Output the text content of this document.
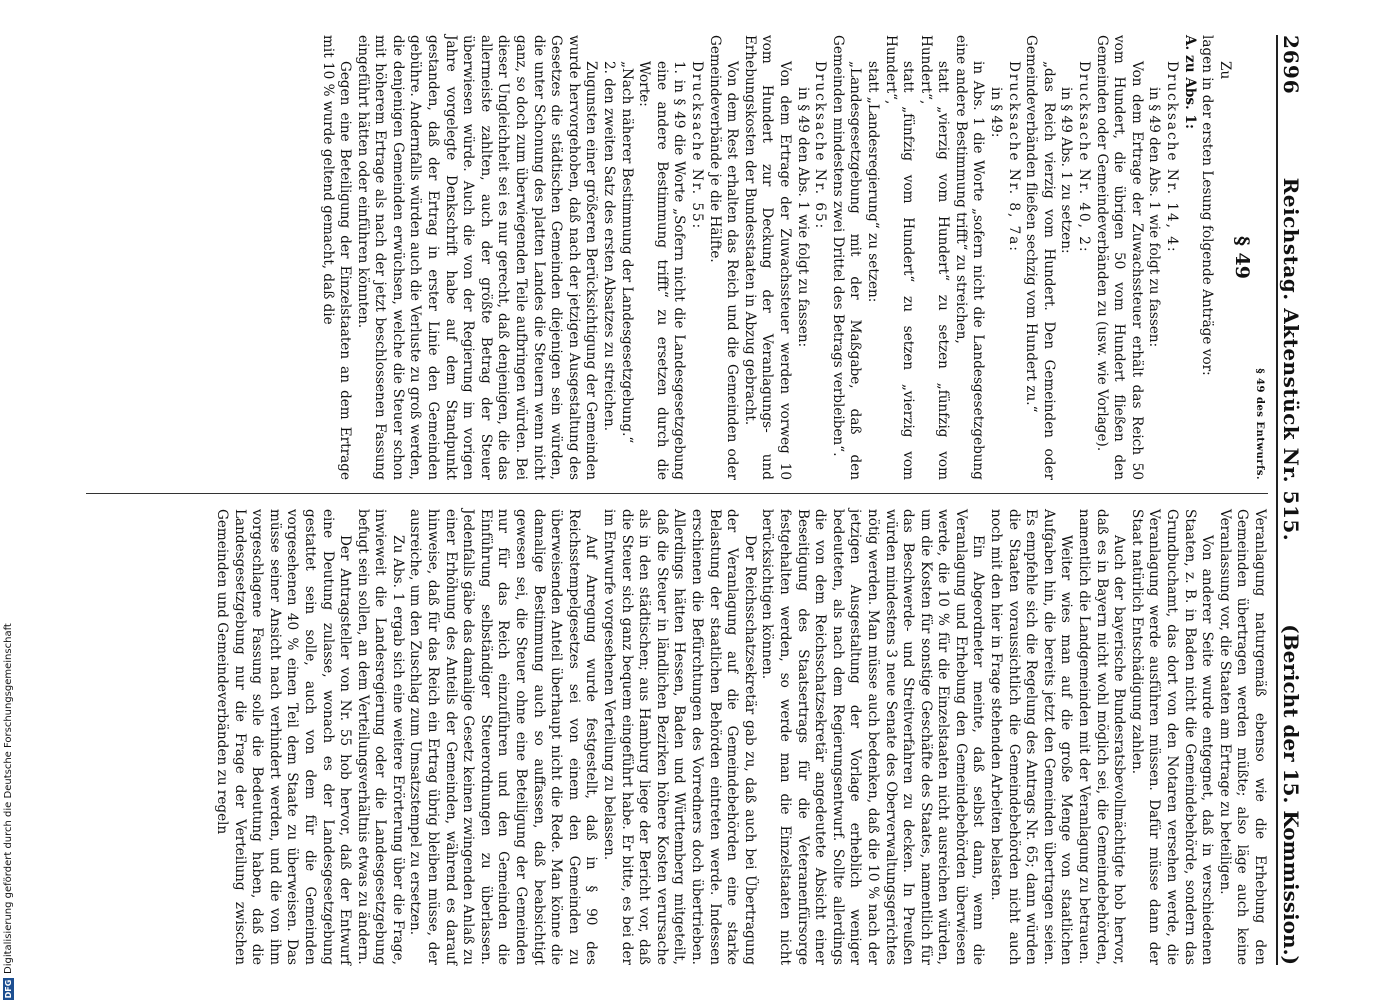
2696
Reichstag. Aktenstück Nr. 515.
(Bericht der 15. Kommission.)

§ 49 des Entwurfs.

§ 49

Zu

lagen in der ersten Lesung folgende Anträge vor:

A. zu Abs. 1:

Drucksache Nr. 14, 4:

in § 49 den Abs. 1 wie folgt zu fassen:

Von dem Ertrage der Zuwachssteuer erhält das Reich 50 vom Hundert, die übrigen 50 vom Hundert fließen den Gemeinden oder Gemeindeverbänden zu (usw. wie Vorlage).

Drucksache Nr. 40, 2:

in § 49 Abs. 1 zu setzen:

„das Reich vierzig vom Hundert. Den Gemeinden oder Gemeindeverbänden fließen sechzig vom Hundert zu.“

Drucksache Nr. 8, 7a:

in § 49:

in Abs. 1 die Worte „sofern nicht die Landesgesetzgebung eine andere Bestimmung trifft“ zu streichen,

statt „vierzig vom Hundert“ zu setzen „fünfzig vom Hundert“,

statt „fünfzig vom Hundert“ zu setzen „vierzig vom Hundert“,

statt „Landesregierung“ zu setzen:

„Landesgesetzgebung mit der Maßgabe, daß den Gemeinden mindestens zwei Drittel des Betrags verbleiben“.

Drucksache Nr. 65:

in § 49 den Abs. 1 wie folgt zu fassen:

Von dem Ertrage der Zuwachssteuer werden vorweg 10 vom Hundert zur Deckung der Veranlagungs- und Erhebungskosten der Bundesstaaten in Abzug gebracht.

Von dem Rest erhalten das Reich und die Gemeinden oder Gemeindeverbände je die Hälfte.

Drucksache Nr. 55:

1. in § 49 die Worte „Sofern nicht die Landesgesetzgebung eine andere Bestimmung trifft“ zu ersetzen durch die Worte:

„Nach näherer Bestimmung der Landesgesetzgebung.“

2. den zweiten Satz des ersten Absatzes zu streichen.

Zugunsten einer größeren Berücksichtigung der Gemeinden wurde hervorgehoben, daß nach der jetzigen Ausgestaltung des Gesetzes die städtischen Gemeinden diejenigen sein würden, die unter Schonung des platten Landes die Steuern wenn nicht ganz, so doch zum überwiegenden Teile aufbringen würden. Bei dieser Ungleichheit sei es nur gerecht, daß denjenigen, die das allermeiste zahlten, auch der größte Betrag der Steuer überwiesen würde. Auch die von der Regierung im vorigen Jahre vorgelegte Denkschrift habe auf dem Standpunkt gestanden, daß der Ertrag in erster Linie den Gemeinden gebühre. Andernfalls würden auch die Verluste zu groß werden, die denjenigen Gemeinden erwüchsen, welche die Steuer schon mit höherem Ertrage als nach der jetzt beschlossenen Fassung eingeführt hätten oder einführen könnten.

Gegen eine Beteiligung der Einzelstaaten an dem Ertrage mit 10 % wurde geltend gemacht, daß die

Veranlagung naturgemäß ebenso wie die Erhebung den Gemeinden übertragen werden müßte; also läge auch keine Veranlassung vor, die Staaten am Ertrage zu beteiligen.

Von anderer Seite wurde entgegnet, daß in verschiedenen Staaten, z. B. in Baden nicht die Gemeindebehörde, sondern das Grundbuchamt, das dort von den Notaren versehen werde, die Veranlagung werde ausführen müssen. Dafür müsse dann der Staat natürlich Entschädigung zahlen.

Auch der bayerische Bundesratsbevollmächtigte hob hervor, daß es in Bayern nicht wohl möglich sei, die Gemeindebehörden, namentlich die Landgemeinden mit der Veranlagung zu betrauen.

Weiter wies man auf die große Menge von staatlichen Aufgaben hin, die bereits jetzt den Gemeinden übertragen seien. Es empfehle sich die Regelung des Antrags Nr. 65; dann würden die Staaten voraussichtlich die Gemeindebehörden nicht auch noch mit den hier in Frage stehenden Arbeiten belasten.

Ein Abgeordneter meinte, daß selbst dann, wenn die Veranlagung und Erhebung den Gemeindebehörden überwiesen werde, die 10 % für die Einzelstaaten nicht ausreichen würden, um die Kosten für sonstige Geschäfte des Staates, namentlich für das Beschwerde- und Streitverfahren zu decken. In Preußen würden mindestens 3 neue Senate des Oberverwaltungsgerichtes nötig werden. Man müsse auch bedenken, daß die 10 % nach der jetzigen Ausgestaltung der Vorlage erheblich weniger bedeuteten, als nach dem Regierungsentwurf. Sollte allerdings die von dem Reichsschatzsekretär angedeutete Absicht einer Beseitigung des Staatsertrags für die Veteranenfürsorge festgehalten werden, so werde man die Einzelstaaten nicht berücksichtigen können.

Der Reichsschatzsekretär gab zu, daß auch bei Übertragung der Veranlagung auf die Gemeindebehörden eine starke Belastung der staatlichen Behörden eintreten werde. Indessen erschienen die Befürchtungen des Vorredners doch übertrieben. Allerdings hätten Hessen, Baden und Württemberg mitgeteilt, daß die Steuer in ländlichen Bezirken höhere Kosten verursache als in den städtischen; aus Hamburg liege der Bericht vor, daß die Steuer sich ganz bequem eingeführt habe. Er bitte, es bei der im Entwurfe vorgesehenen Verteilung zu belassen.

Auf Anregung wurde festgestellt, daß in § 90 des Reichsstempelgesetzes sei von einem den Gemeinden zu überweisenden Anteil überhaupt nicht die Rede. Man könne die damalige Bestimmung auch so auffassen, daß beabsichtigt gewesen sei, die Steuer ohne eine Beteiligung der Gemeinden nur für das Reich einzuführen und den Gemeinden die Einführung selbständiger Steuerordnungen zu überlassen. Jedenfalls gäbe das damalige Gesetz keinen zwingenden Anlaß zu einer Erhöhung des Anteils der Gemeinden, während es darauf hinweise, daß für das Reich ein Ertrag übrig bleiben müsse, der ausreiche, um den Zuschlag zum Umsatzstempel zu ersetzen.

Zu Abs. 1 ergab sich eine weitere Erörterung über die Frage, inwieweit die Landesregierung oder die Landesgesetzgebung befugt sein sollen, an dem Verteilungsverhältnis etwas zu ändern.

Der Antragsteller von Nr. 55 hob hervor, daß der Entwurf eine Deutung zulasse, wonach es der Landesgesetzgebung gestattet sein solle, auch von dem für die Gemeinden vorgesehenen 40 % einen Teil dem Staate zu überweisen. Das müsse seiner Ansicht nach verhindert werden, und die von ihm vorgeschlagene Fassung solle die Bedeutung haben, daß die Landesgesetzgebung nur die Frage der Verteilung zwischen Gemeinden und Gemeindeverbänden zu regeln

DFGDigitalisierung gefördert durch die Deutsche Forschungsgemeinschaft
